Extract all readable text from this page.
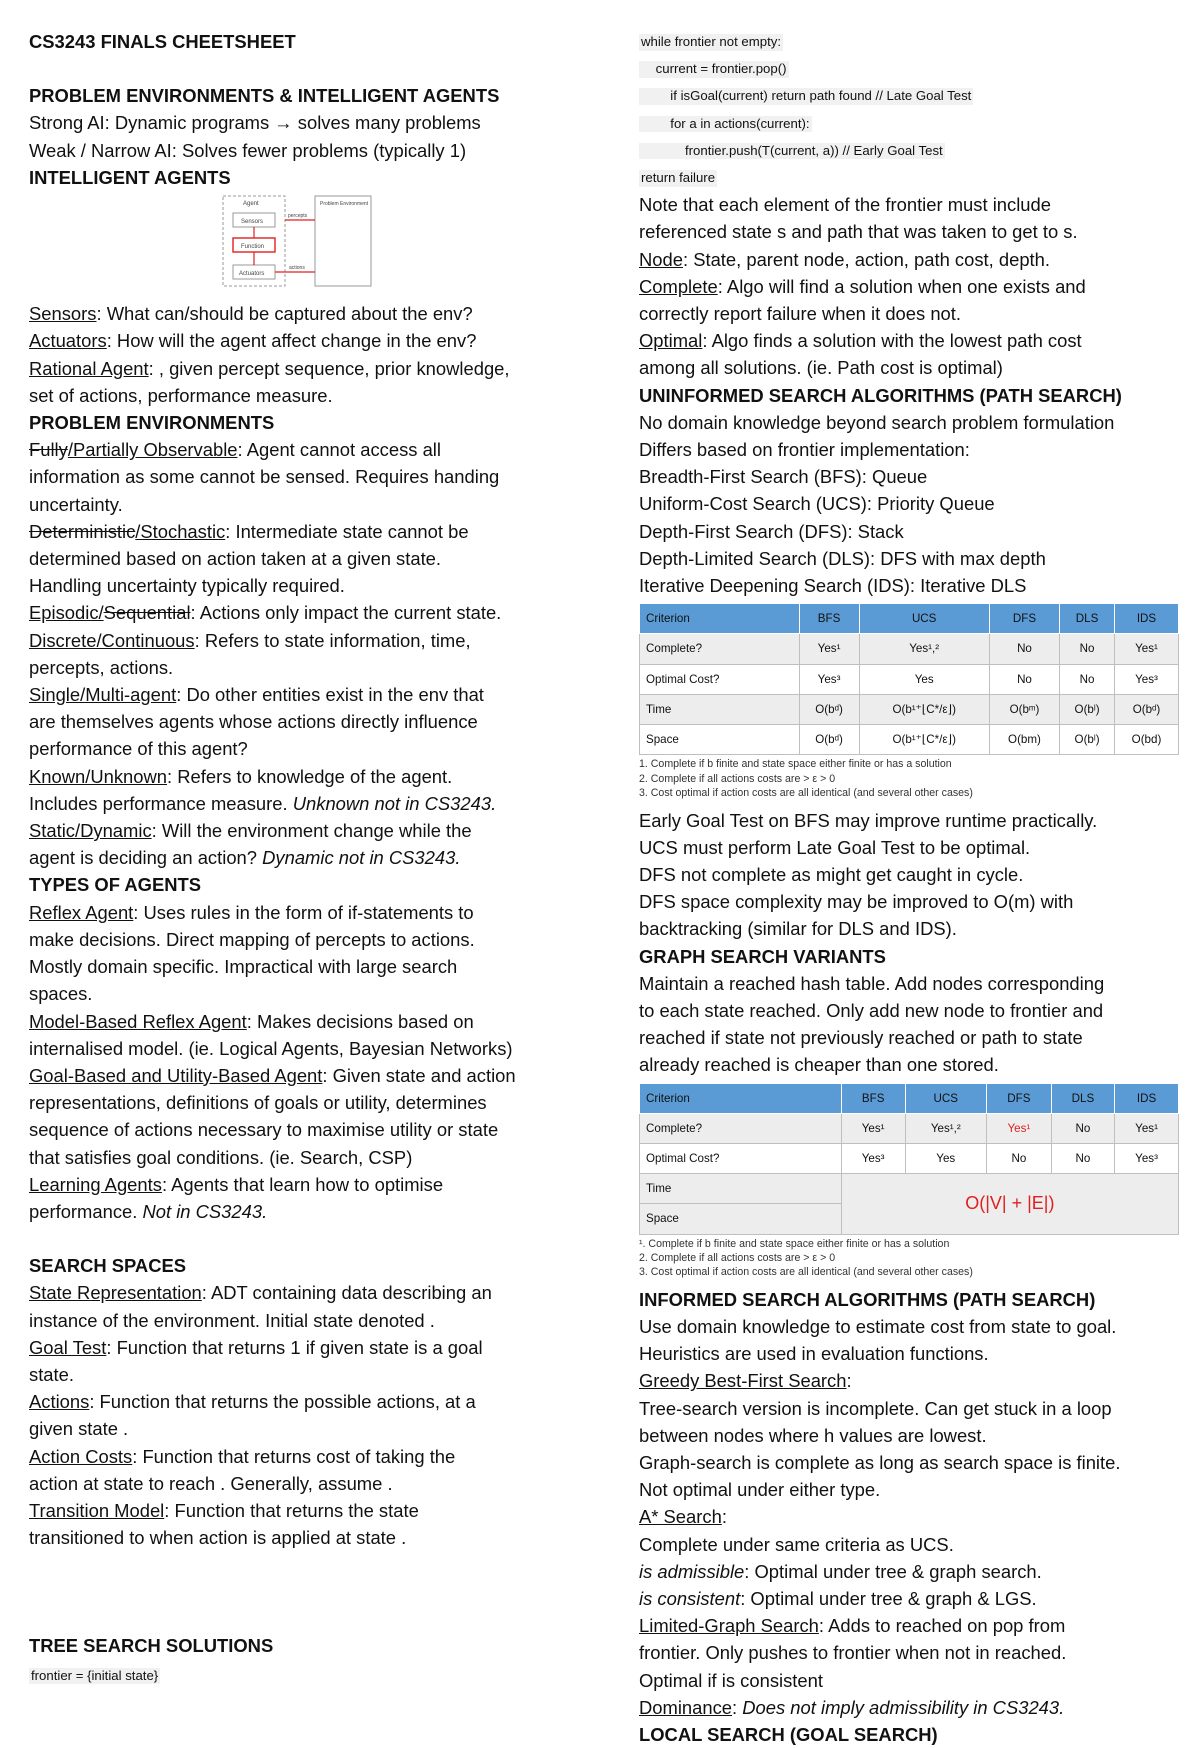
CS3243 FINALS CHEETSHEET

PROBLEM ENVIRONMENTS & INTELLIGENT AGENTS

Strong AI: Dynamic programs → solves many problems

Weak / Narrow AI: Solves fewer problems (typically 1)

INTELLIGENT AGENTS

Agent
Sensors
Function
Actuators
Problem Environment
percepts
actions

Sensors: What can/should be captured about the env?

Actuators: How will the agent affect change in the env?

Rational Agent: , given percept sequence, prior knowledge,

set of actions, performance measure.

PROBLEM ENVIRONMENTS

Fully/Partially Observable: Agent cannot access all

information as some cannot be sensed. Requires handing

uncertainty.

Deterministic/Stochastic: Intermediate state cannot be

determined based on action taken at a given state.

Handling uncertainty typically required.

Episodic/Sequential: Actions only impact the current state.

Discrete/Continuous: Refers to state information, time,

percepts, actions.

Single/Multi-agent: Do other entities exist in the env that

are themselves agents whose actions directly influence

performance of this agent?

Known/Unknown: Refers to knowledge of the agent.

Includes performance measure. Unknown not in CS3243.

Static/Dynamic: Will the environment change while the

agent is deciding an action? Dynamic not in CS3243.

TYPES OF AGENTS

Reflex Agent: Uses rules in the form of if-statements to

make decisions. Direct mapping of percepts to actions.

Mostly domain specific. Impractical with large search

spaces.

Model-Based Reflex Agent: Makes decisions based on

internalised model. (ie. Logical Agents, Bayesian Networks)

Goal-Based and Utility-Based Agent: Given state and action

representations, definitions of goals or utility, determines

sequence of actions necessary to maximise utility or state

that satisfies goal conditions. (ie. Search, CSP)

Learning Agents: Agents that learn how to optimise

performance. Not in CS3243.

SEARCH SPACES

State Representation: ADT containing data describing an

instance of the environment. Initial state denoted .

Goal Test: Function that returns 1 if given state is a goal

state.

Actions: Function that returns the possible actions, at a

given state .

Action Costs: Function that returns cost of taking the

action at state to reach . Generally, assume .

Transition Model: Function that returns the state

transitioned to when action is applied at state .

TREE SEARCH SOLUTIONS

frontier = {initial state}
while frontier not empty:
current = frontier.pop()
if isGoal(current) return path found // Late Goal Test
for a in actions(current):
frontier.push(T(current, a)) // Early Goal Test
return failure

Note that each element of the frontier must include

referenced state s and path that was taken to get to s.

Node: State, parent node, action, path cost, depth.

Complete: Algo will find a solution when one exists and

correctly report failure when it does not.

Optimal: Algo finds a solution with the lowest path cost

among all solutions. (ie. Path cost is optimal)

UNINFORMED SEARCH ALGORITHMS (PATH SEARCH)

No domain knowledge beyond search problem formulation

Differs based on frontier implementation:

Breadth-First Search (BFS): Queue

Uniform-Cost Search (UCS): Priority Queue

Depth-First Search (DFS): Stack

Depth-Limited Search (DLS): DFS with max depth

Iterative Deepening Search (IDS): Iterative DLS

Criterion	BFS	UCS	DFS	DLS	IDS
Complete?	Yes¹	Yes¹,²	No	No	Yes¹
Optimal Cost?	Yes³	Yes	No	No	Yes³
Time	O(bᵈ)	O(b¹⁺⌊C*/ε⌋)	O(bᵐ)	O(bˡ)	O(bᵈ)
Space	O(bᵈ)	O(b¹⁺⌊C*/ε⌋)	O(bm)	O(bˡ)	O(bd)
1. Complete if b finite and state space either finite or has a solution
2. Complete if all actions costs are > ε > 0
3. Cost optimal if action costs are all identical (and several other cases)

Early Goal Test on BFS may improve runtime practically.

UCS must perform Late Goal Test to be optimal.

DFS not complete as might get caught in cycle.

DFS space complexity may be improved to O(m) with

backtracking (similar for DLS and IDS).

GRAPH SEARCH VARIANTS

Maintain a reached hash table. Add nodes corresponding

to each state reached. Only add new node to frontier and

reached if state not previously reached or path to state

already reached is cheaper than one stored.

Criterion	BFS	UCS	DFS	DLS	IDS
Complete?	Yes¹	Yes¹,²	Yes¹	No	Yes¹
Optimal Cost?	Yes³	Yes	No	No	Yes³
Time	O(|V| + |E|)				
Space					
¹. Complete if b finite and state space either finite or has a solution
2. Complete if all actions costs are > ε > 0
3. Cost optimal if action costs are all identical (and several other cases)

INFORMED SEARCH ALGORITHMS (PATH SEARCH)

Use domain knowledge to estimate cost from state to goal.

Heuristics are used in evaluation functions.

Greedy Best-First Search:

Tree-search version is incomplete. Can get stuck in a loop

between nodes where h values are lowest.

Graph-search is complete as long as search space is finite.

Not optimal under either type.

A* Search:

Complete under same criteria as UCS.

is admissible: Optimal under tree & graph search.

is consistent: Optimal under tree & graph & LGS.

Limited-Graph Search: Adds to reached on pop from

frontier. Only pushes to frontier when not in reached.

Optimal if is consistent

Dominance: Does not imply admissibility in CS3243.

LOCAL SEARCH (GOAL SEARCH)
